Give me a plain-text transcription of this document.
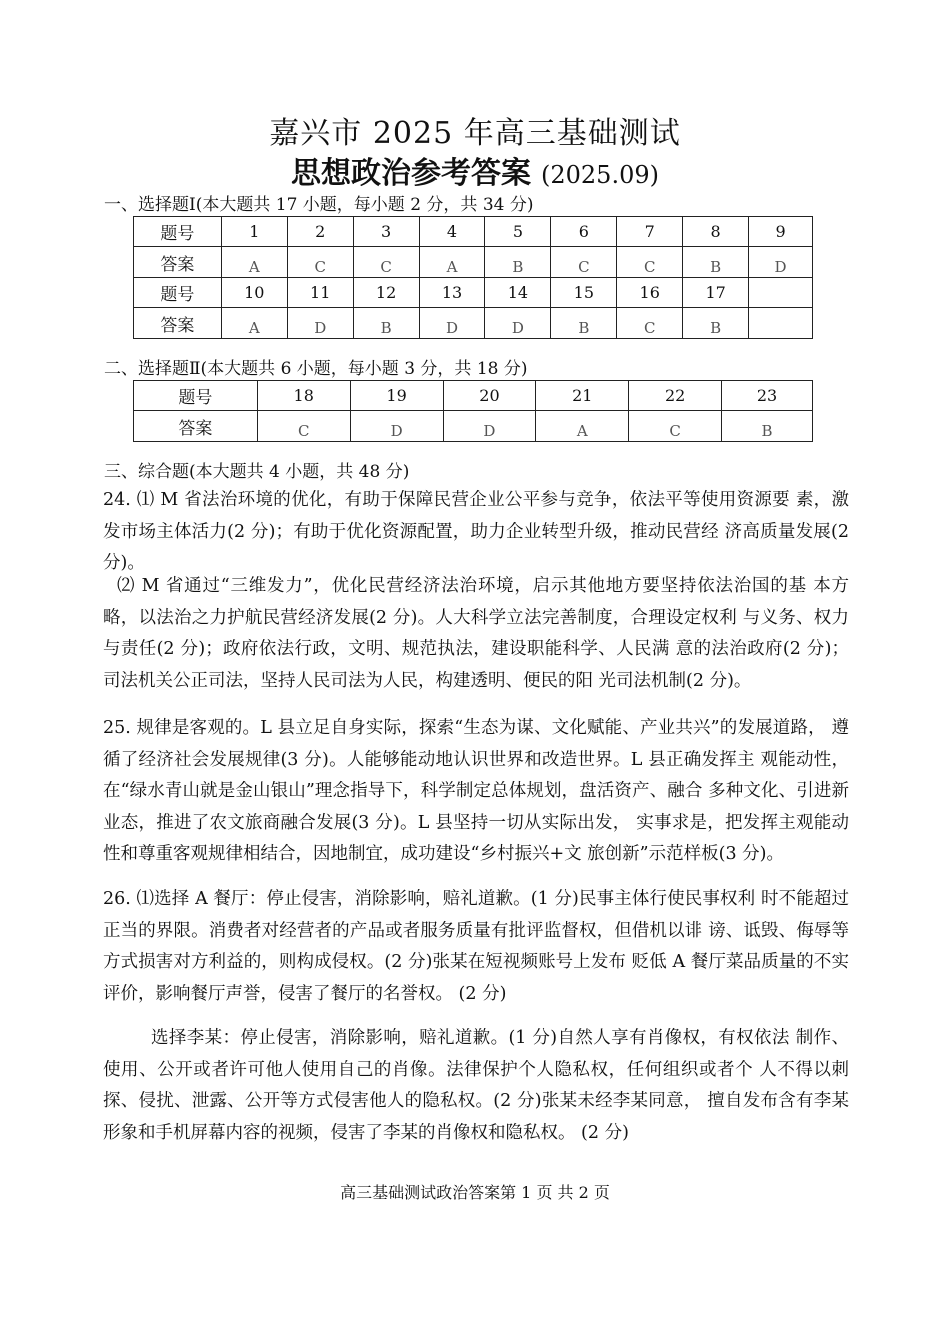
嘉兴市 2025 年高三基础测试
思想政治参考答案 (2025.09)
一、选择题Ⅰ(本大题共 17 小题，每小题 2 分，共 34 分)
题号	1	2	3	4	5	6	7	8	9
答案	A	C	C	A	B	C	C	B	D
题号	10	11	12	13	14	15	16	17	
答案	A	D	B	D	D	B	C	B	
二、选择题Ⅱ(本大题共 6 小题，每小题 3 分，共 18 分)
题号	18	19	20	21	22	23
答案	C	D	D	A	C	B
三、综合题(本大题共 4 小题，共 48 分)

24. ⑴ M 省法治环境的优化，有助于保障民营企业公平参与竞争，依法平等使用资源要 素，激发市场主体活力(2 分)；有助于优化资源配置，助力企业转型升级，推动民营经 济高质量发展(2 分)。

⑵ M 省通过“三维发力”，优化民营经济法治环境，启示其他地方要坚持依法治国的基 本方略，以法治之力护航民营经济发展(2 分)。人大科学立法完善制度，合理设定权利 与义务、权力与责任(2 分)；政府依法行政，文明、规范执法，建设职能科学、人民满 意的法治政府(2 分)；司法机关公正司法，坚持人民司法为人民，构建透明、便民的阳 光司法机制(2 分)。

25. 规律是客观的。L 县立足自身实际，探索“生态为谋、文化赋能、产业共兴”的发展道路， 遵循了经济社会发展规律(3 分)。人能够能动地认识世界和改造世界。L 县正确发挥主 观能动性，在“绿水青山就是金山银山”理念指导下，科学制定总体规划，盘活资产、融合 多种文化、引进新业态，推进了农文旅商融合发展(3 分)。L 县坚持一切从实际出发， 实事求是，把发挥主观能动性和尊重客观规律相结合，因地制宜，成功建设“乡村振兴+文 旅创新”示范样板(3 分)。

26. ⑴选择 A 餐厅：停止侵害，消除影响，赔礼道歉。(1 分)民事主体行使民事权利 时不能超过正当的界限。消费者对经营者的产品或者服务质量有批评监督权，但借机以诽 谤、诋毁、侮辱等方式损害对方利益的，则构成侵权。(2 分)张某在短视频账号上发布 贬低 A 餐厅菜品质量的不实评价，影响餐厅声誉，侵害了餐厅的名誉权。 (2 分)

选择李某：停止侵害，消除影响，赔礼道歉。(1 分)自然人享有肖像权，有权依法 制作、使用、公开或者许可他人使用自己的肖像。法律保护个人隐私权，任何组织或者个 人不得以刺探、侵扰、泄露、公开等方式侵害他人的隐私权。(2 分)张某未经李某同意， 擅自发布含有李某形象和手机屏幕内容的视频，侵害了李某的肖像权和隐私权。 (2 分)

高三基础测试政治答案第 1 页 共 2 页
